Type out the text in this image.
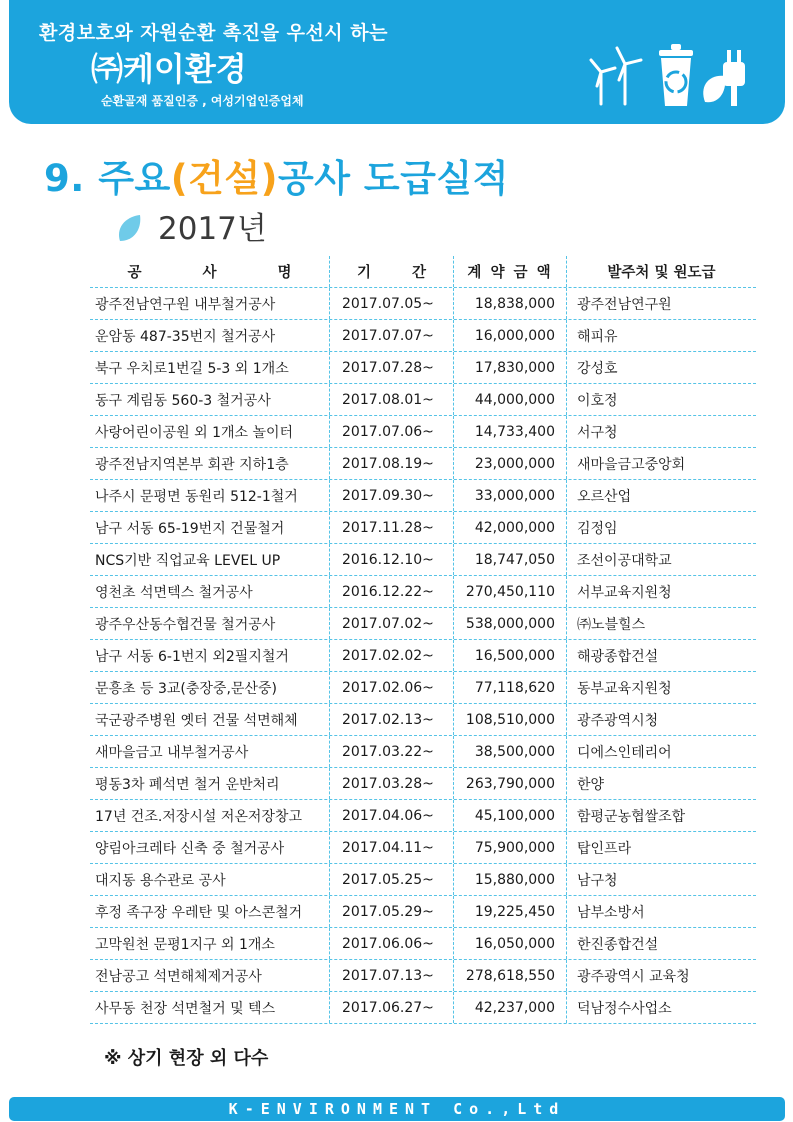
환경보호와 자원순환 촉진을 우선시 하는
㈜케이환경
순환골재 품질인증 , 여성기업인증업체
9. 주요(건설)공사 도급실적
2017년
공 사 명	기 간	계 약 금 액	발주처 및 원도급
광주전남연구원 내부철거공사	2017.07.05~	18,838,000	광주전남연구원
운암동 487-35번지 철거공사	2017.07.07~	16,000,000	해피유
북구 우치로1번길 5-3 외 1개소	2017.07.28~	17,830,000	강성호
동구 계림동 560-3 철거공사	2017.08.01~	44,000,000	이호정
사랑어린이공원 외 1개소 놀이터	2017.07.06~	14,733,400	서구청
광주전남지역본부 회관 지하1층	2017.08.19~	23,000,000	새마을금고중앙회
나주시 문평면 동원리 512-1철거	2017.09.30~	33,000,000	오르산업
남구 서동 65-19번지 건물철거	2017.11.28~	42,000,000	김정임
NCS기반 직업교육 LEVEL UP	2016.12.10~	18,747,050	조선이공대학교
영천초 석면텍스 철거공사	2016.12.22~	270,450,110	서부교육지원청
광주우산동수협건물 철거공사	2017.07.02~	538,000,000	㈜노블힐스
남구 서동 6-1번지 외2필지철거	2017.02.02~	16,500,000	해광종합건설
문흥초 등 3교(충장중,문산중)	2017.02.06~	77,118,620	동부교육지원청
국군광주병원 옛터 건물 석면해체	2017.02.13~	108,510,000	광주광역시청
새마을금고 내부철거공사	2017.03.22~	38,500,000	디에스인테리어
평동3차 폐석면 철거 운반처리	2017.03.28~	263,790,000	한양
17년 건조.저장시설 저온저장창고	2017.04.06~	45,100,000	함평군농협쌀조합
양림아크레타 신축 중 철거공사	2017.04.11~	75,900,000	탑인프라
대지동 용수관로 공사	2017.05.25~	15,880,000	남구청
후정 족구장 우레탄 및 아스콘철거	2017.05.29~	19,225,450	남부소방서
고막원천 문평1지구 외 1개소	2017.06.06~	16,050,000	한진종합건설
전남공고 석면해체제거공사	2017.07.13~	278,618,550	광주광역시 교육청
사무동 천장 석면철거 및 텍스	2017.06.27~	42,237,000	덕남정수사업소
※ 상기 현장 외 다수
K-ENVIRONMENT Co.,Ltd
